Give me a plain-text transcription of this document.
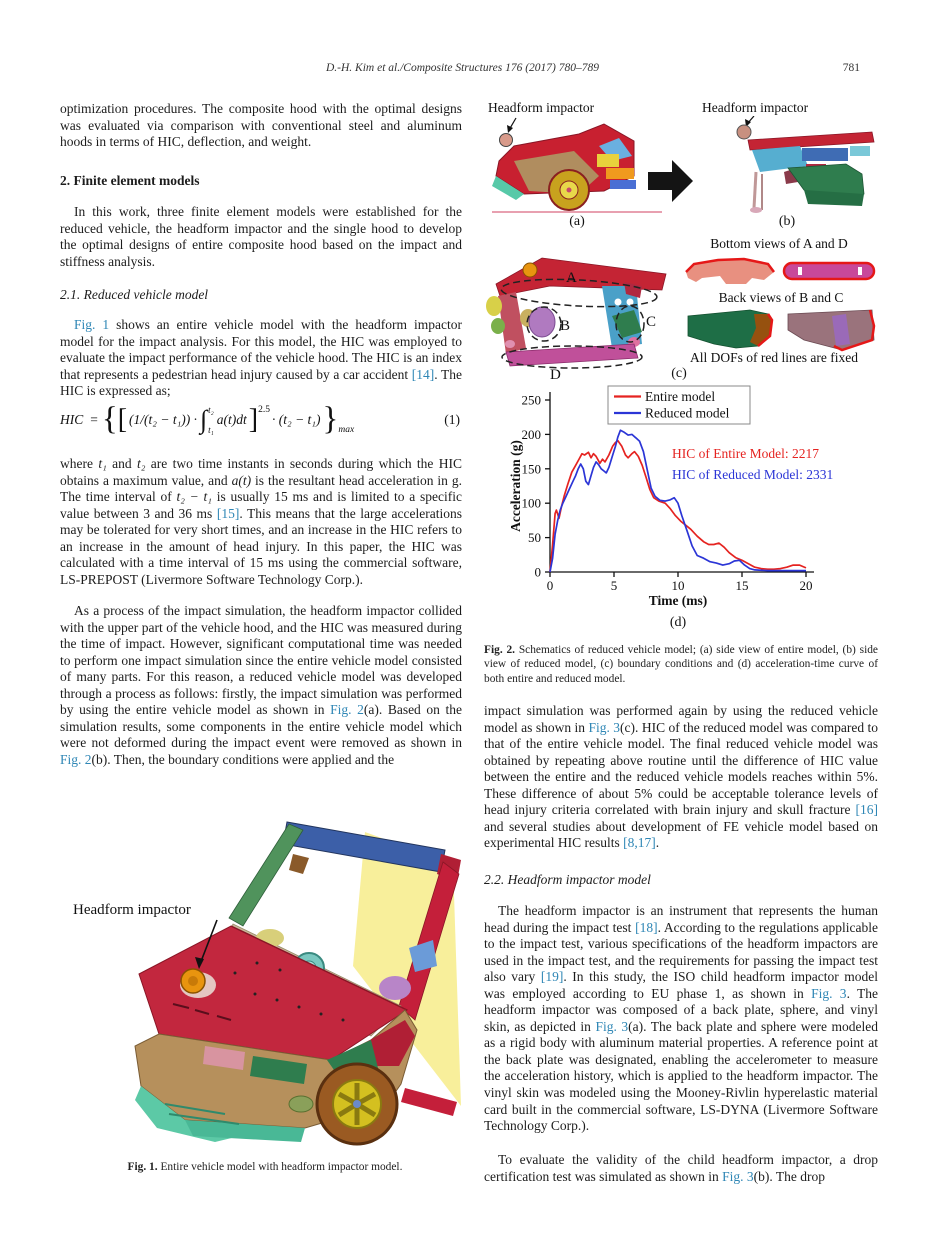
D.-H. Kim et al./Composite Structures 176 (2017) 780–789	781
optimization procedures. The composite hood with the optimal designs was evaluated via comparison with conventional steel and aluminum hoods in terms of HIC, deflection, and weight.
2. Finite element models
In this work, three finite element models were established for the reduced vehicle, the headform impactor and the single hood to develop the optimal designs of entire composite hood based on the impact and stiffness analysis.
2.1. Reduced vehicle model
Fig. 1 shows an entire vehicle model with the headform impactor model for the impact analysis. For this model, the HIC was employed to evaluate the impact performance of the vehicle hood. The HIC is an index that represents a pedestrian head injury caused by a car accident [14]. The HIC is expressed as;
HIC = { [ (1/(t₂ − t₁)) · ∫ t₂
t₁
a(t)dt ] 2.5
· (t₂ − t₁) } max
(1)
where t₁ and t₂ are two time instants in seconds during which the HIC obtains a maximum value, and a(t) is the resultant head acceleration in g. The time interval of t₂ − t₁ is usually 15 ms and is limited to a specific value between 3 and 36 ms [15]. This means that the large accelerations may be tolerated for very short times, and an increase in the HIC refers to an increase in the amount of head injury. In this paper, the HIC was calculated with a time interval of 15 ms using the commercial software, LS-PREPOST (Livermore Software Technology Corp.).
As a process of the impact simulation, the headform impactor collided with the upper part of the vehicle hood, and the HIC was measured during the time of impact. However, significant computational time was needed to perform one impact simulation since the entire vehicle model consisted of many parts. For this reason, a reduced vehicle model was developed through a process as follows: firstly, the impact simulation was performed by using the entire vehicle model as shown in Fig. 2(a). Based on the simulation results, some components in the entire vehicle model which were not deformed during the impact event were removed as shown in Fig. 2(b). Then, the boundary conditions were applied and the
Headform impactor
Fig. 1. Entire vehicle model with headform impactor model.
Headform impactor	Headform impactor
(a)	(b)
Bottom views of A and D
Back views of B and C
All DOFs of red lines are fixed
A
B	C
D	(c)
0
50
100
150
200
250
0	5	10	15	20
Entire model
Reduced model
HIC of Entire Model: 2217
HIC of Reduced Model: 2331
Acceleration (g)
Time (ms)
(d)
Fig. 2. Schematics of reduced vehicle model; (a) side view of entire model, (b) side view of reduced model, (c) boundary conditions and (d) acceleration-time curve of both entire and reduced model.
impact simulation was performed again by using the reduced vehicle model as shown in Fig. 3(c). HIC of the reduced model was compared to that of the entire vehicle model. The final reduced vehicle model was obtained by repeating above routine until the difference of HIC value between the entire and the reduced vehicle models reaches within 5%. These difference of about 5% could be acceptable tolerance levels of head injury criteria correlated with brain injury and skull fracture [16] and several studies about development of FE vehicle model based on experimental HIC results [8,17].
2.2. Headform impactor model
The headform impactor is an instrument that represents the human head during the impact test [18]. According to the regulations applicable to the impact test, various specifications of the headform impactors are used in the impact test, and the requirements for passing the impact test also vary [19]. In this study, the ISO child headform impactor model was employed according to EU phase 1, as shown in Fig. 3. The headform impactor was composed of a back plate, sphere, and vinyl skin, as depicted in Fig. 3(a). The back plate and sphere were modeled as a rigid body with aluminum material properties. A reference point at the back plate was designated, enabling the accelerometer to measure the acceleration history, which is applied to the headform impactor. The vinyl skin was modeled using the Mooney-Rivlin hyperelastic material card built in the commercial software, LS-DYNA (Livermore Software Technology Corp.).
To evaluate the validity of the child headform impactor, a drop certification test was simulated as shown in Fig. 3(b). The drop
